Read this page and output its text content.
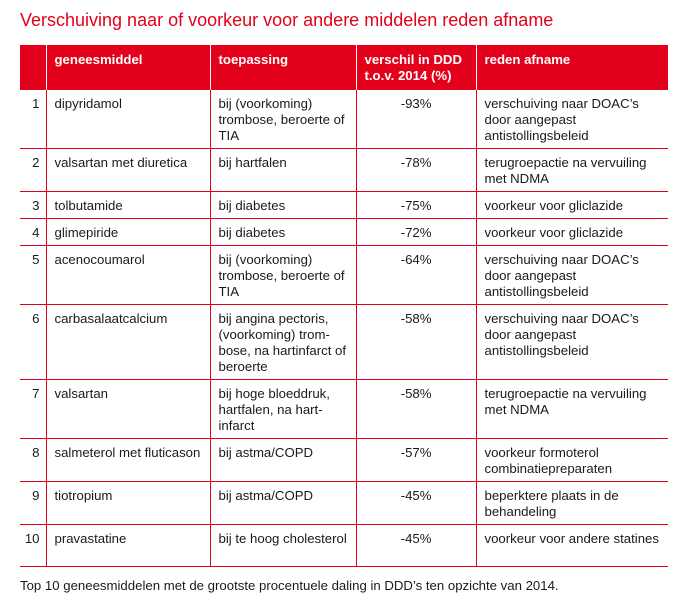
Verschuiving naar of voorkeur voor andere middelen reden afname
	geneesmiddel	toepassing	verschil in DDD t.o.v. 2014 (%)	reden afname
1	dipyridamol	bij (voorkoming) trombose, beroerte of TIA	-93%	verschuiving naar DOAC’s door aangepast antistollingsbeleid
2	valsartan met diuretica	bij hartfalen	-78%	terugroepactie na vervuiling met NDMA
3	tolbutamide	bij diabetes	-75%	voorkeur voor gliclazide
4	glimepiride	bij diabetes	-72%	voorkeur voor gliclazide
5	acenocoumarol	bij (voorkoming) trombose, beroerte of TIA	-64%	verschuiving naar DOAC’s door aangepast antistollingsbeleid
6	carbasalaatcalcium	bij angina pectoris, (voorkoming) trom-bose, na hartinfarct of beroerte	-58%	verschuiving naar DOAC’s door aangepast antistollingsbeleid
7	valsartan	bij hoge bloeddruk, hartfalen, na hart-infarct	-58%	terugroepactie na vervuiling met NDMA
8	salmeterol met fluticason	bij astma/COPD	-57%	voorkeur formoterol combinatiepreparaten
9	tiotropium	bij astma/COPD	-45%	beperktere plaats in de behandeling
10	pravastatine	bij te hoog cholesterol	-45%	voorkeur voor andere statines
Top 10 geneesmiddelen met de grootste procentuele daling in DDD’s ten opzichte van 2014.
